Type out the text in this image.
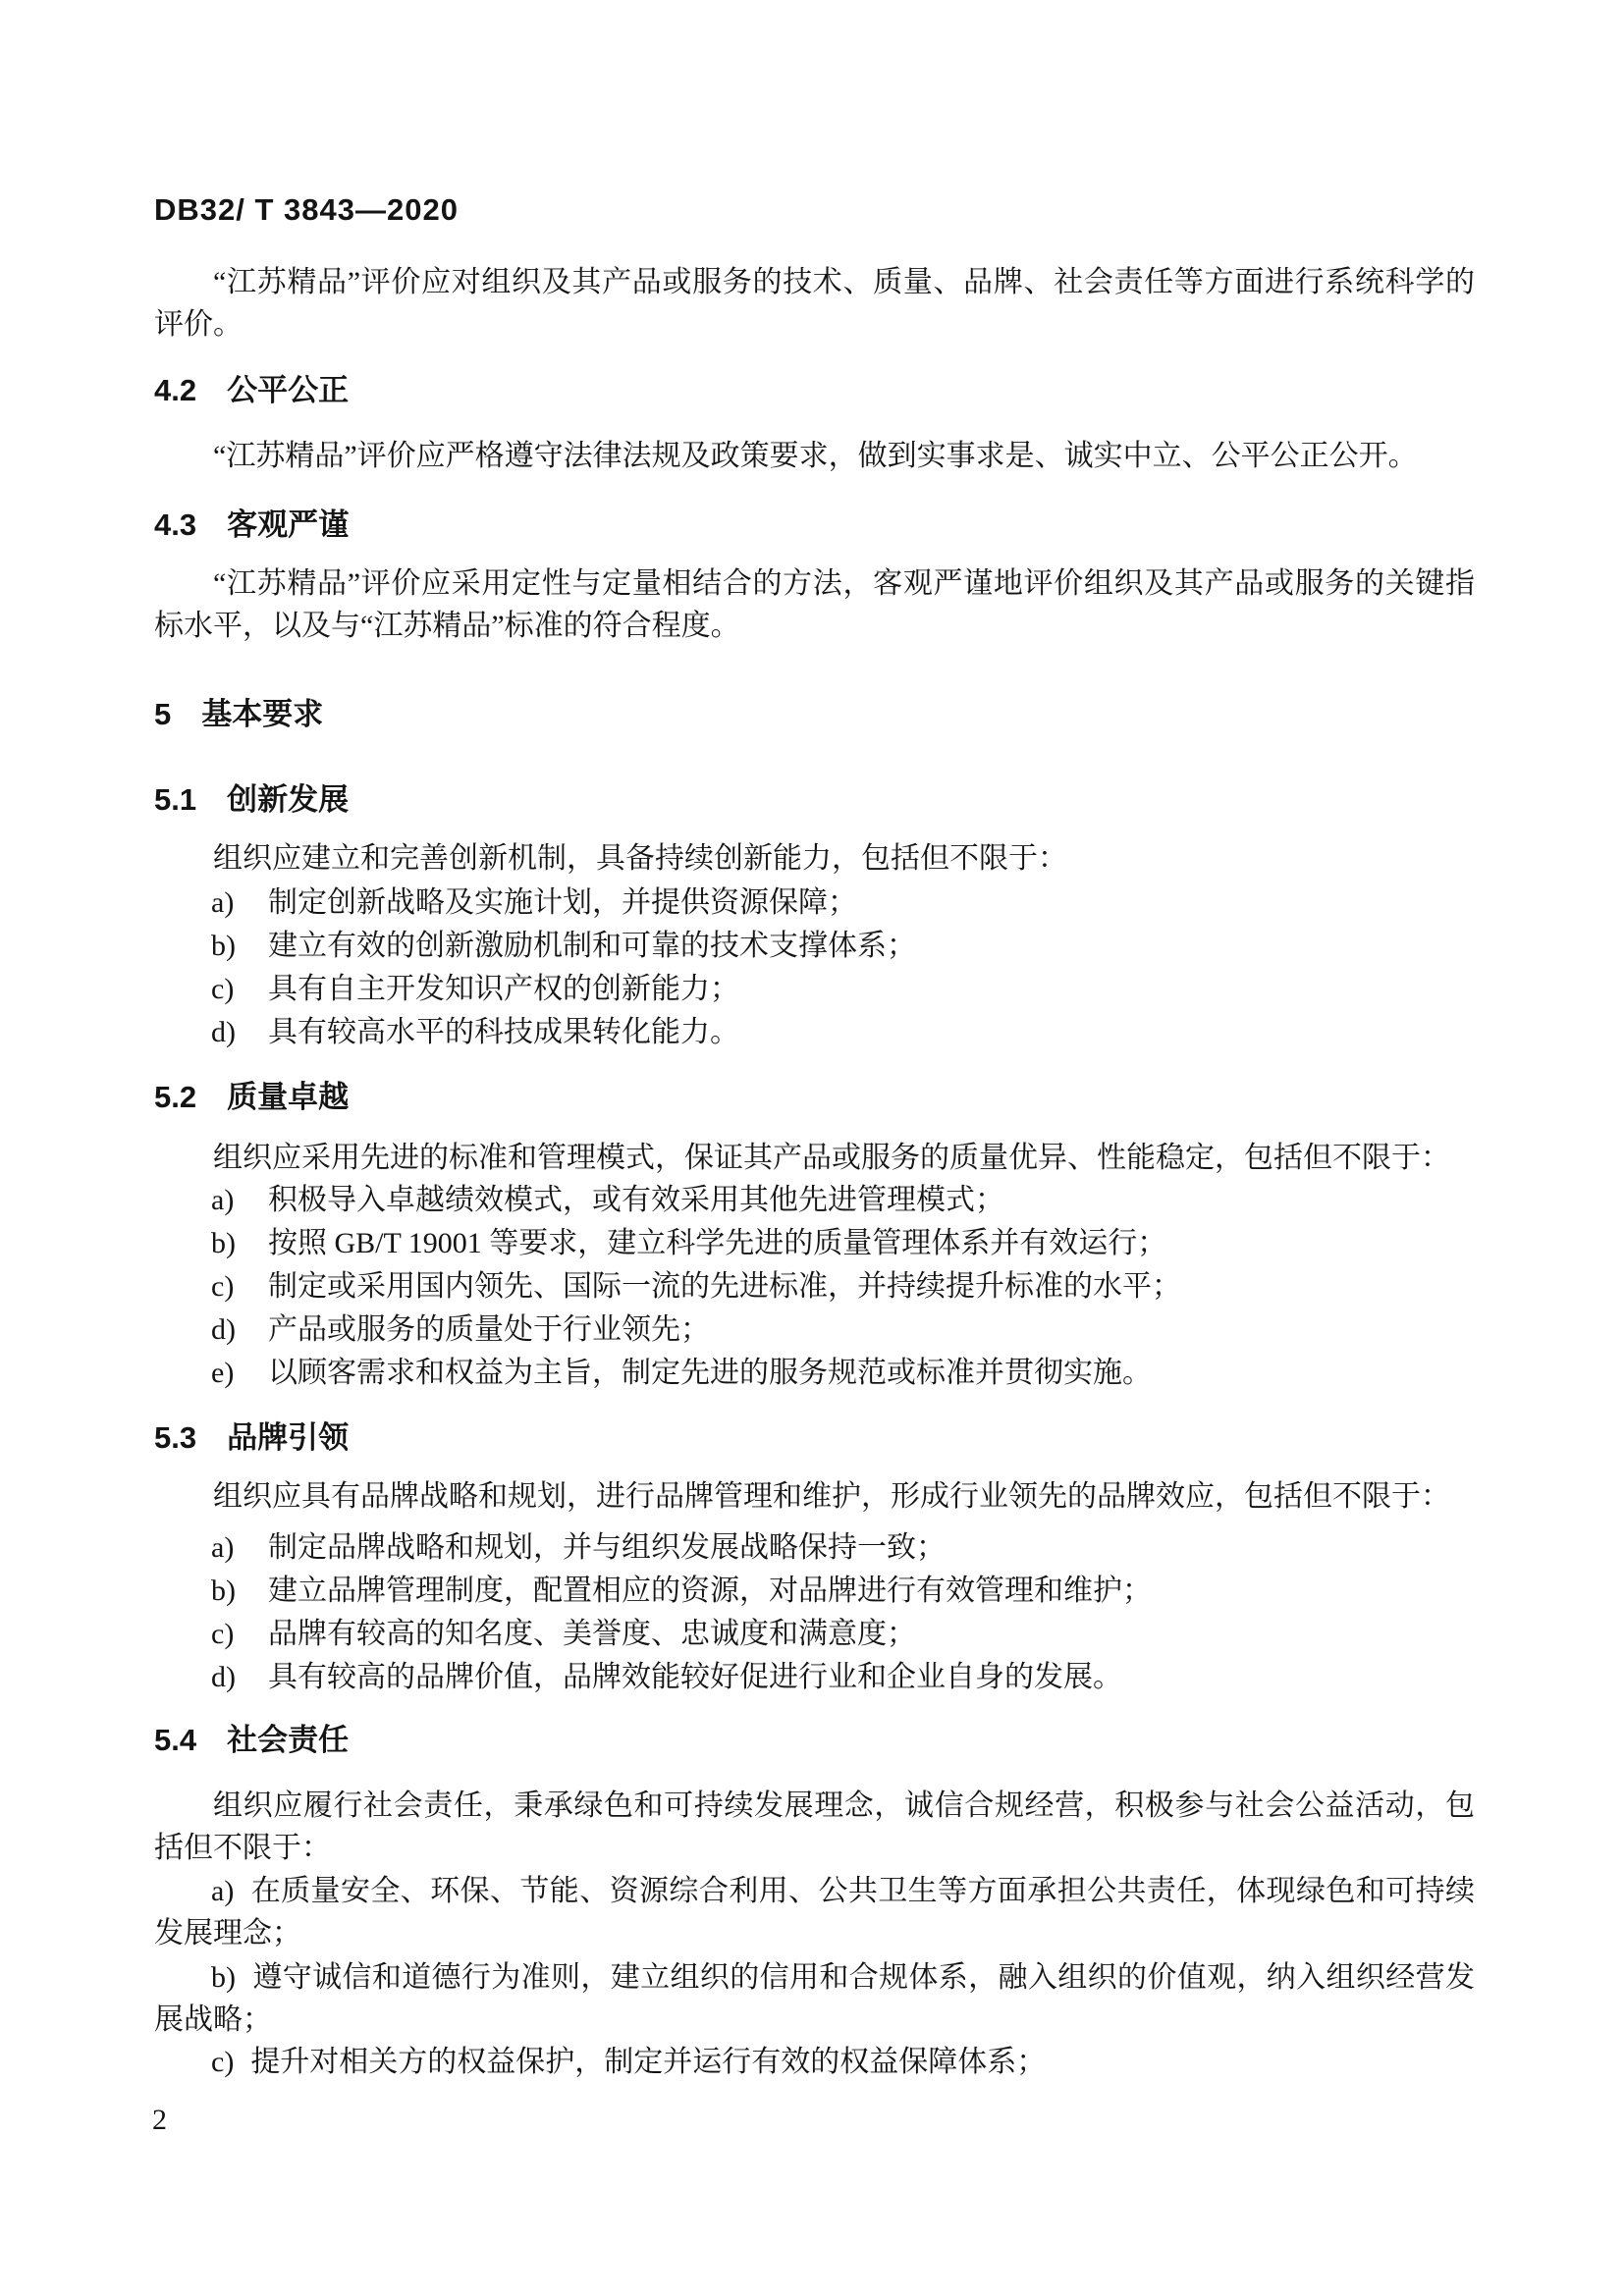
DB32/ T 3843—2020

“江苏精品”评价应对组织及其产品或服务的技术、质量、品牌、社会责任等方面进行系统科学的评价。

4.2 公平公正

“江苏精品”评价应严格遵守法律法规及政策要求，做到实事求是、诚实中立、公平公正公开。

4.3 客观严谨

“江苏精品”评价应采用定性与定量相结合的方法，客观严谨地评价组织及其产品或服务的关键指标水平，以及与“江苏精品”标准的符合程度。

5 基本要求
5.1 创新发展

组织应建立和完善创新机制，具备持续创新能力，包括但不限于：

a) 制定创新战略及实施计划，并提供资源保障；
b) 建立有效的创新激励机制和可靠的技术支撑体系；
c) 具有自主开发知识产权的创新能力；
d) 具有较高水平的科技成果转化能力。
5.2 质量卓越

组织应采用先进的标准和管理模式，保证其产品或服务的质量优异、性能稳定，包括但不限于：

a) 积极导入卓越绩效模式，或有效采用其他先进管理模式；
b) 按照 GB/T 19001 等要求，建立科学先进的质量管理体系并有效运行；
c) 制定或采用国内领先、国际一流的先进标准，并持续提升标准的水平；
d) 产品或服务的质量处于行业领先；
e) 以顾客需求和权益为主旨，制定先进的服务规范或标准并贯彻实施。
5.3 品牌引领

组织应具有品牌战略和规划，进行品牌管理和维护，形成行业领先的品牌效应，包括但不限于：

a) 制定品牌战略和规划，并与组织发展战略保持一致；
b) 建立品牌管理制度，配置相应的资源，对品牌进行有效管理和维护；
c) 品牌有较高的知名度、美誉度、忠诚度和满意度；
d) 具有较高的品牌价值，品牌效能较好促进行业和企业自身的发展。
5.4 社会责任

组织应履行社会责任，秉承绿色和可持续发展理念，诚信合规经营，积极参与社会公益活动，包括但不限于：

a) 在质量安全、环保、节能、资源综合利用、公共卫生等方面承担公共责任，体现绿色和可持续发展理念；

b) 遵守诚信和道德行为准则，建立组织的信用和合规体系，融入组织的价值观，纳入组织经营发展战略；

c) 提升对相关方的权益保护，制定并运行有效的权益保障体系；

2
